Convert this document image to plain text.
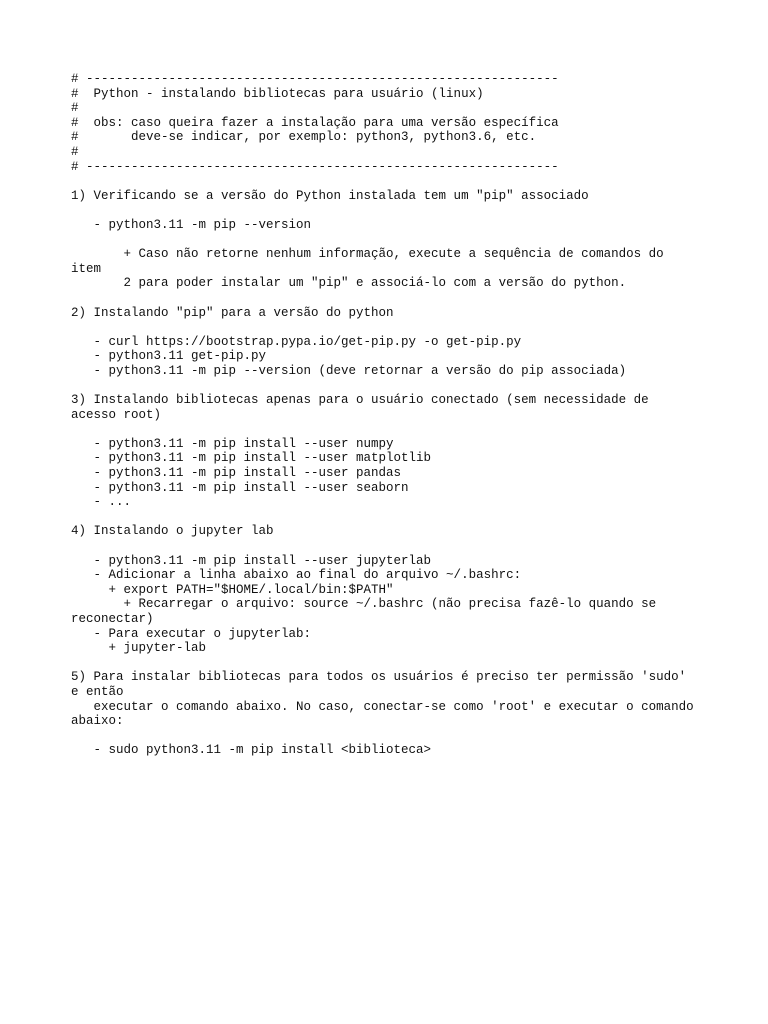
# ---------------------------------------------------------------
#  Python - instalando bibliotecas para usuário (linux)
#
#  obs: caso queira fazer a instalação para uma versão específica
#       deve-se indicar, por exemplo: python3, python3.6, etc.
#
# ---------------------------------------------------------------
1) Verificando se a versão do Python instalada tem um "pip" associado
- python3.11 -m pip --version
+ Caso não retorne nenhum informação, execute a sequência de comandos do
item
2 para poder instalar um "pip" e associá-lo com a versão do python.
2) Instalando "pip" para a versão do python
- curl https://bootstrap.pypa.io/get-pip.py -o get-pip.py
- python3.11 get-pip.py
- python3.11 -m pip --version (deve retornar a versão do pip associada)
3) Instalando bibliotecas apenas para o usuário conectado (sem necessidade de
acesso root)
- python3.11 -m pip install --user numpy
- python3.11 -m pip install --user matplotlib
- python3.11 -m pip install --user pandas
- python3.11 -m pip install --user seaborn
- ...
4) Instalando o jupyter lab
- python3.11 -m pip install --user jupyterlab
- Adicionar a linha abaixo ao final do arquivo ~/.bashrc:
+ export PATH="$HOME/.local/bin:$PATH"
+ Recarregar o arquivo: source ~/.bashrc (não precisa fazê-lo quando se
reconectar)
- Para executar o jupyterlab:
+ jupyter-lab
5) Para instalar bibliotecas para todos os usuários é preciso ter permissão 'sudo'
e então
executar o comando abaixo. No caso, conectar-se como 'root' e executar o comando
abaixo:
- sudo python3.11 -m pip install <biblioteca>
